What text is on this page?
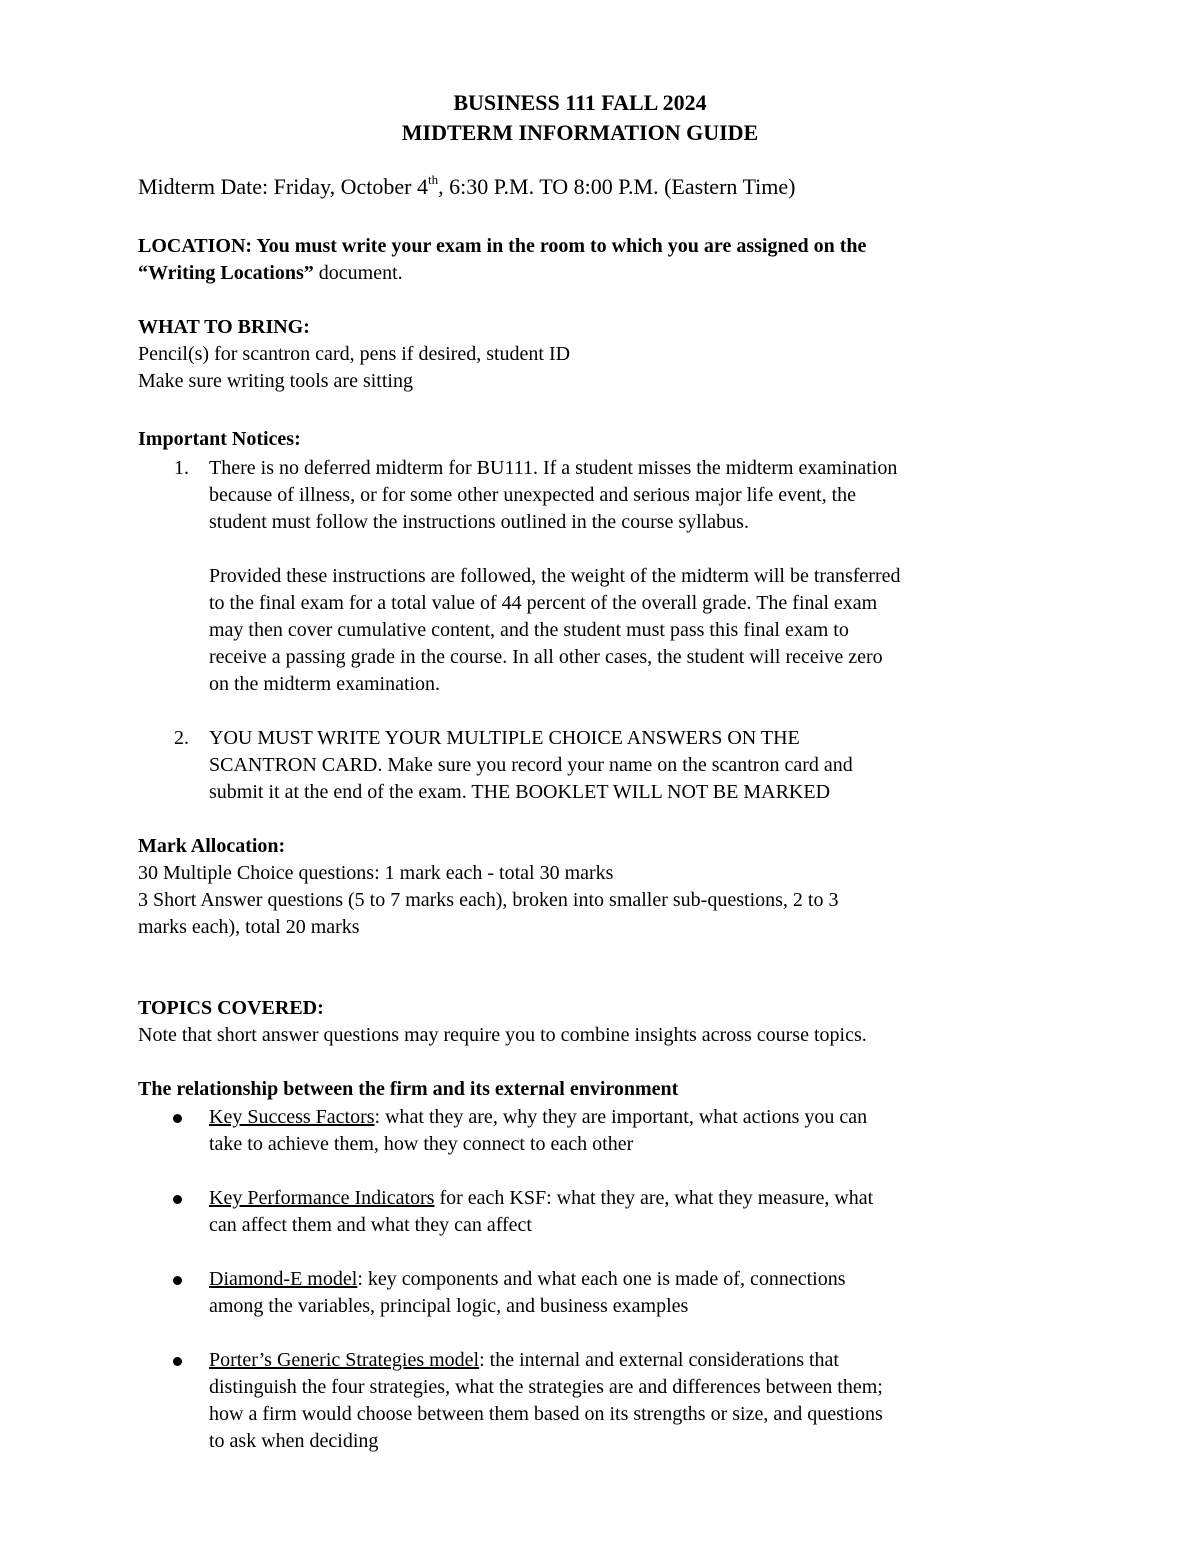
BUSINESS 111 FALL 2024
MIDTERM INFORMATION GUIDE
Midterm Date: Friday, October 4th, 6:30 P.M. TO 8:00 P.M. (Eastern Time)
LOCATION: You must write your exam in the room to which you are assigned on the
“Writing Locations” document.
WHAT TO BRING:
Pencil(s) for scantron card, pens if desired, student ID
Make sure writing tools are sitting
Important Notices:
1. There is no deferred midterm for BU111. If a student misses the midterm examination
because of illness, or for some other unexpected and serious major life event, the
student must follow the instructions outlined in the course syllabus.
Provided these instructions are followed, the weight of the midterm will be transferred
to the final exam for a total value of 44 percent of the overall grade. The final exam
may then cover cumulative content, and the student must pass this final exam to
receive a passing grade in the course. In all other cases, the student will receive zero
on the midterm examination.
2. YOU MUST WRITE YOUR MULTIPLE CHOICE ANSWERS ON THE
SCANTRON CARD. Make sure you record your name on the scantron card and
submit it at the end of the exam. THE BOOKLET WILL NOT BE MARKED
Mark Allocation:
30 Multiple Choice questions: 1 mark each - total 30 marks
3 Short Answer questions (5 to 7 marks each), broken into smaller sub-questions, 2 to 3
marks each), total 20 marks
TOPICS COVERED:
Note that short answer questions may require you to combine insights across course topics.
The relationship between the firm and its external environment
Key Success Factors: what they are, why they are important, what actions you can
take to achieve them, how they connect to each other
Key Performance Indicators for each KSF: what they are, what they measure, what
can affect them and what they can affect
Diamond-E model: key components and what each one is made of, connections
among the variables, principal logic, and business examples
Porter’s Generic Strategies model: the internal and external considerations that
distinguish the four strategies, what the strategies are and differences between them;
how a firm would choose between them based on its strengths or size, and questions
to ask when deciding
